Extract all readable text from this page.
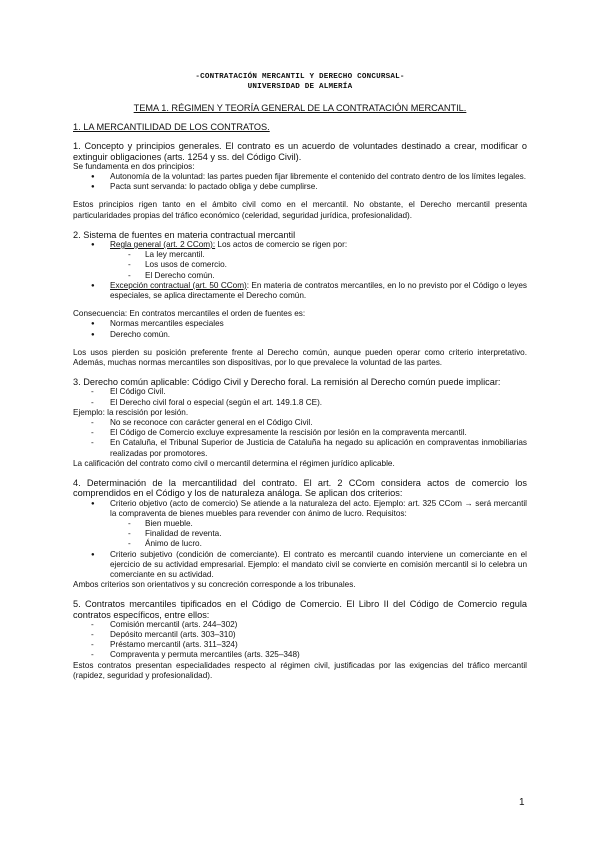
-CONTRATACIÓN MERCANTIL Y DERECHO CONCURSAL-
UNIVERSIDAD DE ALMERÍA
TEMA 1. RÉGIMEN Y TEORÍA GENERAL DE LA CONTRATACIÓN MERCANTIL.
1. LA MERCANTILIDAD DE LOS CONTRATOS.

1. Concepto y principios generales. El contrato es un acuerdo de voluntades destinado a crear, modificar o extinguir obligaciones (arts. 1254 y ss. del Código Civil).

Se fundamenta en dos principios:

● Autonomía de la voluntad: las partes pueden fijar libremente el contenido del contrato dentro de los límites legales.
● Pacta sunt servanda: lo pactado obliga y debe cumplirse.

Estos principios rigen tanto en el ámbito civil como en el mercantil. No obstante, el Derecho mercantil presenta particularidades propias del tráfico económico (celeridad, seguridad jurídica, profesionalidad).

2. Sistema de fuentes en materia contractual mercantil

● Regla general (art. 2 CCom): Los actos de comercio se rigen por:
- La ley mercantil.
- Los usos de comercio.
- El Derecho común.
● Excepción contractual (art. 50 CCom): En materia de contratos mercantiles, en lo no previsto por el Código o leyes especiales, se aplica directamente el Derecho común.

Consecuencia: En contratos mercantiles el orden de fuentes es:

● Normas mercantiles especiales
● Derecho común.

Los usos pierden su posición preferente frente al Derecho común, aunque pueden operar como criterio interpretativo. Además, muchas normas mercantiles son dispositivas, por lo que prevalece la voluntad de las partes.

3. Derecho común aplicable: Código Civil y Derecho foral. La remisión al Derecho común puede implicar:

- El Código Civil.
- El Derecho civil foral o especial (según el art. 149.1.8 CE).

Ejemplo: la rescisión por lesión.

- No se reconoce con carácter general en el Código Civil.
- El Código de Comercio excluye expresamente la rescisión por lesión en la compraventa mercantil.
- En Cataluña, el Tribunal Superior de Justicia de Cataluña ha negado su aplicación en compraventas inmobiliarias realizadas por promotores.

La calificación del contrato como civil o mercantil determina el régimen jurídico aplicable.

4. Determinación de la mercantilidad del contrato. El art. 2 CCom considera actos de comercio los comprendidos en el Código y los de naturaleza análoga. Se aplican dos criterios:

● Criterio objetivo (acto de comercio) Se atiende a la naturaleza del acto. Ejemplo: art. 325 CCom → será mercantil la compraventa de bienes muebles para revender con ánimo de lucro. Requisitos:
- Bien mueble.
- Finalidad de reventa.
- Ánimo de lucro.
● Criterio subjetivo (condición de comerciante). El contrato es mercantil cuando interviene un comerciante en el ejercicio de su actividad empresarial. Ejemplo: el mandato civil se convierte en comisión mercantil si lo celebra un comerciante en su actividad.

Ambos criterios son orientativos y su concreción corresponde a los tribunales.

5. Contratos mercantiles tipificados en el Código de Comercio. El Libro II del Código de Comercio regula contratos específicos, entre ellos:

- Comisión mercantil (arts. 244–302)
- Depósito mercantil (arts. 303–310)
- Préstamo mercantil (arts. 311–324)
- Compraventa y permuta mercantiles (arts. 325–348)

Estos contratos presentan especialidades respecto al régimen civil, justificadas por las exigencias del tráfico mercantil (rapidez, seguridad y profesionalidad).

1
